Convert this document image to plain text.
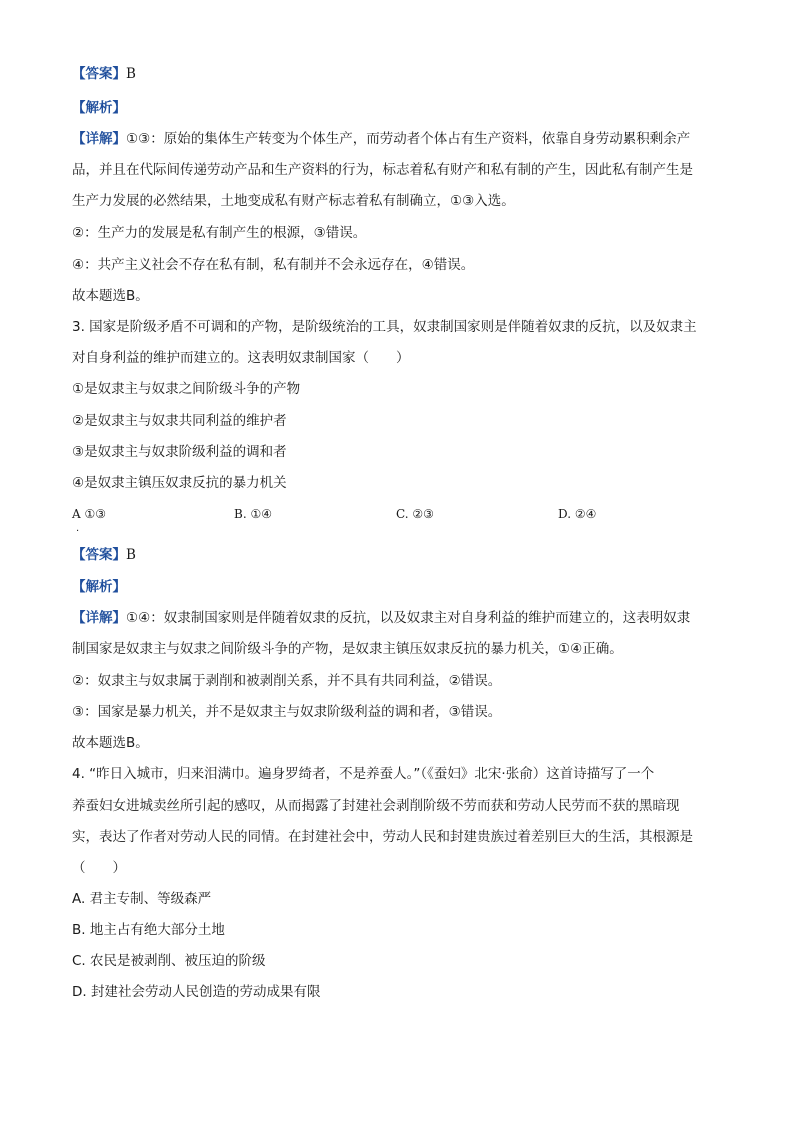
【答案】B
【解析】
【详解】①③：原始的集体生产转变为个体生产，而劳动者个体占有生产资料，依靠自身劳动累积剩余产
品，并且在代际间传递劳动产品和生产资料的行为，标志着私有财产和私有制的产生，因此私有制产生是
生产力发展的必然结果，土地变成私有财产标志着私有制确立，①③入选。
②：生产力的发展是私有制产生的根源，③错误。
④：共产主义社会不存在私有制，私有制并不会永远存在，④错误。
故本题选B。
3. 国家是阶级矛盾不可调和的产物，是阶级统治的工具，奴隶制国家则是伴随着奴隶的反抗，以及奴隶主
对自身利益的维护而建立的。这表明奴隶制国家（　　）
①是奴隶主与奴隶之间阶级斗争的产物
②是奴隶主与奴隶共同利益的维护者
③是奴隶主与奴隶阶级利益的调和者
④是奴隶主镇压奴隶反抗的暴力机关
A ①③	B. ①④	C. ②③	D. ②④
.
【答案】B
【解析】
【详解】①④：奴隶制国家则是伴随着奴隶的反抗，以及奴隶主对自身利益的维护而建立的，这表明奴隶
制国家是奴隶主与奴隶之间阶级斗争的产物，是奴隶主镇压奴隶反抗的暴力机关，①④正确。
②：奴隶主与奴隶属于剥削和被剥削关系，并不具有共同利益，②错误。
③：国家是暴力机关，并不是奴隶主与奴隶阶级利益的调和者，③错误。
故本题选B。
4. “昨日入城市，归来泪满巾。遍身罗绮者，不是养蚕人。”（《蚕妇》北宋·张俞）这首诗描写了一个
养蚕妇女进城卖丝所引起的感叹，从而揭露了封建社会剥削阶级不劳而获和劳动人民劳而不获的黑暗现
实，表达了作者对劳动人民的同情。在封建社会中，劳动人民和封建贵族过着差别巨大的生活，其根源是
（　　）
A. 君主专制、等级森严
B. 地主占有绝大部分土地
C. 农民是被剥削、被压迫的阶级
D. 封建社会劳动人民创造的劳动成果有限
